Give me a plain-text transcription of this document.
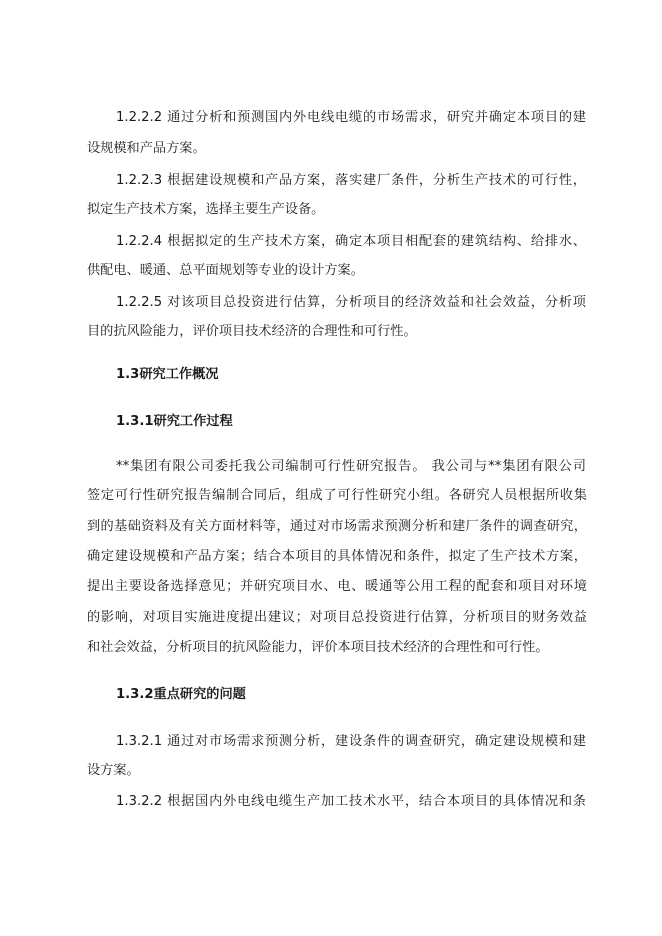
1.2.2.2 通过分析和预测国内外电线电缆的市场需求，研究并确定本项目的建
设规模和产品方案。
1.2.2.3 根据建设规模和产品方案，落实建厂条件，分析生产技术的可行性，
拟定生产技术方案，选择主要生产设备。
1.2.2.4 根据拟定的生产技术方案，确定本项目相配套的建筑结构、给排水、
供配电、暖通、总平面规划等专业的设计方案。
1.2.2.5 对该项目总投资进行估算，分析项目的经济效益和社会效益，分析项
目的抗风险能力，评价项目技术经济的合理性和可行性。
1.3研究工作概况
1.3.1研究工作过程
**集团有限公司委托我公司编制可行性研究报告。 我公司与**集团有限公司
签定可行性研究报告编制合同后，组成了可行性研究小组。各研究人员根据所收集
到的基础资料及有关方面材料等，通过对市场需求预测分析和建厂条件的调查研究，
确定建设规模和产品方案；结合本项目的具体情况和条件，拟定了生产技术方案，
提出主要设备选择意见；并研究项目水、电、暖通等公用工程的配套和项目对环境
的影响，对项目实施进度提出建议；对项目总投资进行估算，分析项目的财务效益
和社会效益，分析项目的抗风险能力，评价本项目技术经济的合理性和可行性。
1.3.2重点研究的问题
1.3.2.1 通过对市场需求预测分析，建设条件的调查研究，确定建设规模和建
设方案。
1.3.2.2 根据国内外电线电缆生产加工技术水平，结合本项目的具体情况和条
